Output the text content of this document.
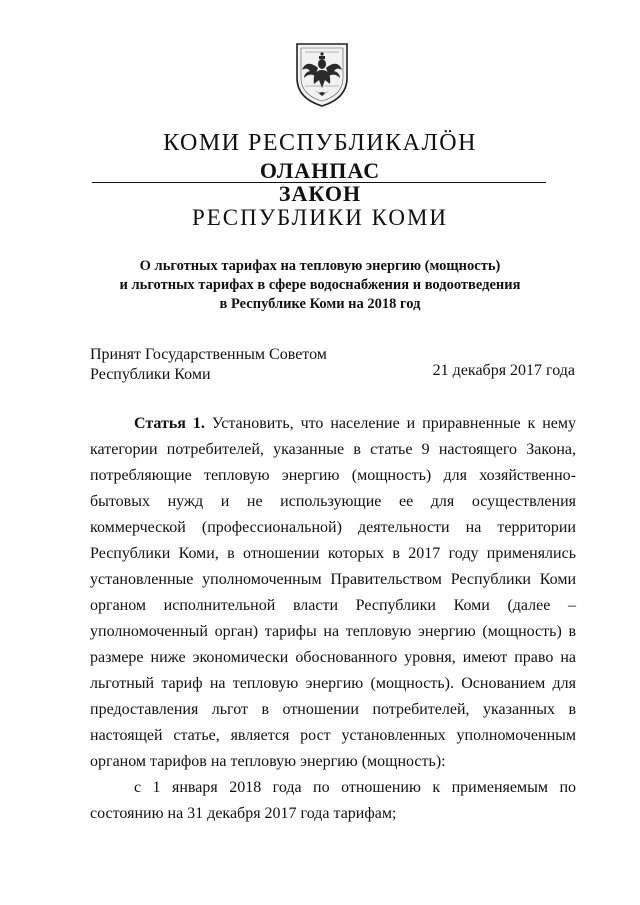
КОМИ РЕСПУБЛИКАЛӦН
ОЛАНПАС
ЗАКОН
РЕСПУБЛИКИ КОМИ
О льготных тарифах на тепловую энергию (мощность)
и льготных тарифах в сфере водоснабжения и водоотведения
в Республике Коми на 2018 год
Принят Государственным Советом
Республики Коми	21 декабря 2017 года

Статья 1. Установить, что население и приравненные к нему категории потребителей, указанные в статье 9 настоящего Закона, потребляющие тепловую энергию (мощность) для хозяйственно-бытовых нужд и не использующие ее для осуществления коммерческой (профессиональной) деятельности на территории Республики Коми, в отношении которых в 2017 году применялись установленные уполномоченным Правительством Республики Коми органом исполнительной власти Республики Коми (далее – уполномоченный орган) тарифы на тепловую энергию (мощность) в размере ниже экономически обоснованного уровня, имеют право на льготный тариф на тепловую энергию (мощность). Основанием для предоставления льгот в отношении потребителей, указанных в настоящей статье, является рост установленных уполномоченным органом тарифов на тепловую энергию (мощность):

с 1 января 2018 года по отношению к применяемым по состоянию на 31 декабря 2017 года тарифам;
